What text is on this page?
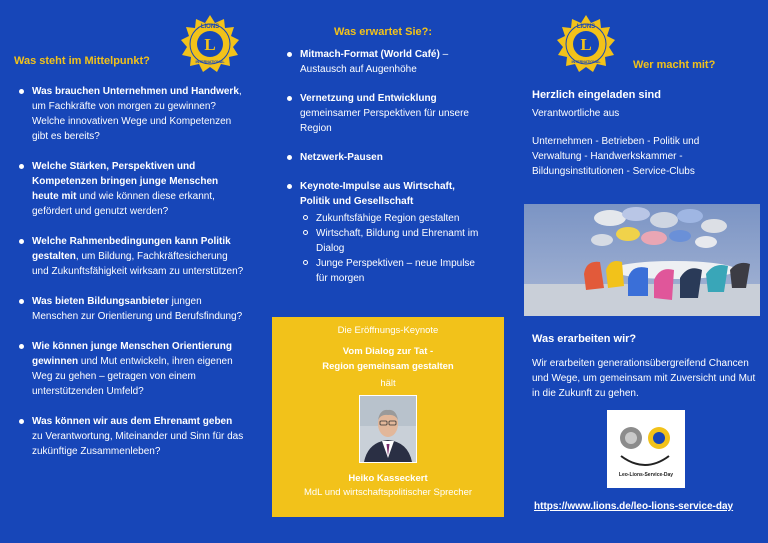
L
LIONS
INTERNATIONAL
Was steht im Mittelpunkt?
Was brauchen Unternehmen und Handwerk, um Fachkräfte von morgen zu gewinnen? Welche innovativen Wege und Kompetenzen gibt es bereits?
Welche Stärken, Perspektiven und Kompetenzen bringen junge Menschen heute mit und wie können diese erkannt, gefördert und genutzt werden?
Welche Rahmenbedingungen kann Politik gestalten, um Bildung, Fachkräftesicherung und Zukunftsfähigkeit wirksam zu unterstützen?
Was bieten Bildungsanbieter jungen Menschen zur Orientierung und Berufsfindung?
Wie können junge Menschen Orientierung gewinnen und Mut entwickeln, ihren eigenen Weg zu gehen – getragen von einem unterstützenden Umfeld?
Was können wir aus dem Ehrenamt geben zu Verantwortung, Miteinander und Sinn für das zukünftige Zusammenleben?
Was erwartet Sie?:
Mitmach-Format (World Café) –
Austausch auf Augenhöhe
Vernetzung und Entwicklung
gemeinsamer Perspektiven für unsere Region
Netzwerk-Pausen
Keynote-Impulse aus Wirtschaft, Politik und Gesellschaft
Zukunftsfähige Region gestalten
Wirtschaft, Bildung und Ehrenamt im Dialog
Junge Perspektiven – neue Impulse für morgen
Die Eröffnungs-Keynote
Vom Dialog zur Tat -
Region gemeinsam gestalten
hält
Heiko Kasseckert
MdL und wirtschaftspolitischer Sprecher
L
LIONS
INTERNATIONAL	Wer macht mit?
Herzlich eingeladen sind
Verantwortliche aus
Unternehmen - Betrieben - Politik und Verwaltung - Handwerkskammer - Bildungsinstitutionen - Service-Clubs
Was erarbeiten wir?
Wir erarbeiten generationsübergreifend Chancen und Wege, um gemeinsam mit Zuversicht und Mut in die Zukunft zu gehen.
Leo-Lions-Service-Day
https://www.lions.de/leo-lions-service-day
